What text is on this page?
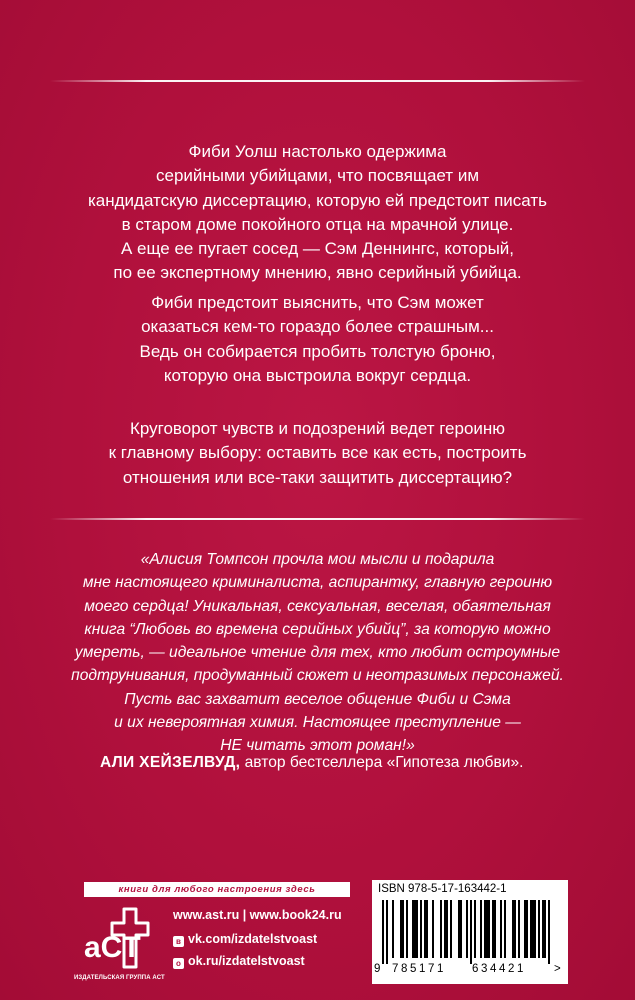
Фиби Уолш настолько одержима
серийными убийцами, что посвящает им
кандидатскую диссертацию, которую ей предстоит писать
в старом доме покойного отца на мрачной улице.
А еще ее пугает сосед — Сэм Деннингс, который,
по ее экспертному мнению, явно серийный убийца.

Фиби предстоит выяснить, что Сэм может
оказаться кем-то гораздо более страшным...
Ведь он собирается пробить толстую броню,
которую она выстроила вокруг сердца.

Круговорот чувств и подозрений ведет героиню
к главному выбору: оставить все как есть, построить
отношения или все-таки защитить диссертацию?

«Алисия Томпсон прочла мои мысли и подарила
мне настоящего криминалиста, аспирантку, главную героиню
моего сердца! Уникальная, сексуальная, веселая, обаятельная
книга “Любовь во времена серийных убийц”, за которую можно
умереть, — идеальное чтение для тех, кто любит остроумные
подтрунивания, продуманный сюжет и неотразимых персонажей.
Пусть вас захватит веселое общение Фиби и Сэма
и их невероятная химия. Настоящее преступление —
НЕ читать этот роман!»

АЛИ ХЕЙЗЕЛВУД, автор бестселлера «Гипотеза любви».
книги для любого настроения здесь
aCT
ИЗДАТЕЛЬСКАЯ ГРУППА АСТ
www.ast.ru | www.book24.ru
в vk.com/izdatelstvoast
о ok.ru/izdatelstvoast
ISBN 978-5-17-163442-1
9 785171 634421 >
